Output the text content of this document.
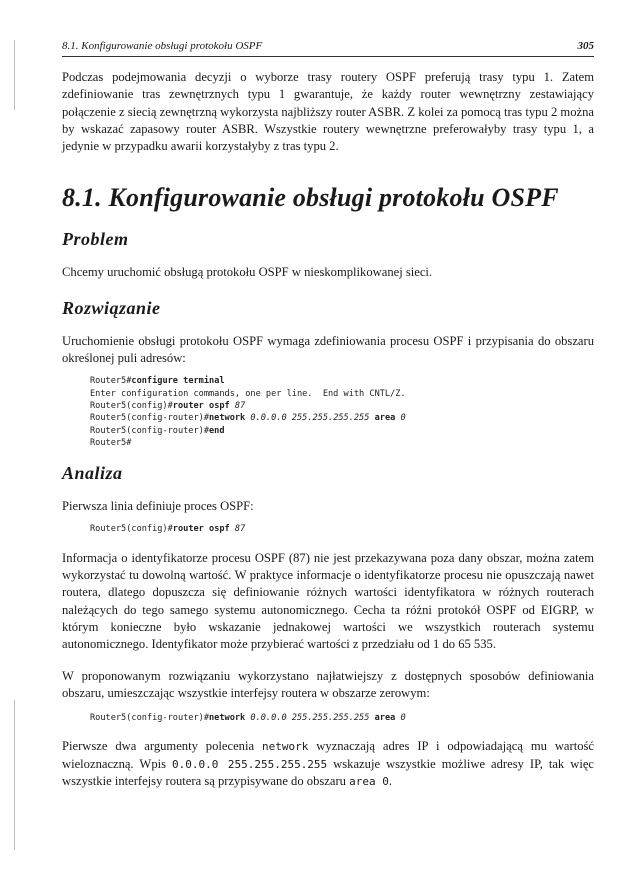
8.1. Konfigurowanie obsługi protokołu OSPF	305

Podczas podejmowania decyzji o wyborze trasy routery OSPF preferują trasy typu 1. Zatem zdefiniowanie tras zewnętrznych typu 1 gwarantuje, że każdy router wewnętrzny zestawiający połączenie z siecią zewnętrzną wykorzysta najbliższy router ASBR. Z kolei za pomocą tras typu 2 można by wskazać zapasowy router ASBR. Wszystkie routery wewnętrzne preferowałyby trasy typu 1, a jedynie w przypadku awarii korzystałyby z tras typu 2.

8.1. Konfigurowanie obsługi protokołu OSPF
Problem

Chcemy uruchomić obsługą protokołu OSPF w nieskomplikowanej sieci.

Rozwiązanie

Uruchomienie obsługi protokołu OSPF wymaga zdefiniowania procesu OSPF i przypisania do obszaru określonej puli adresów:

Router5#configure terminal
Enter configuration commands, one per line.  End with CNTL/Z.
Router5(config)#router ospf 87
Router5(config-router)#network 0.0.0.0 255.255.255.255 area 0
Router5(config-router)#end
Router5#
Analiza

Pierwsza linia definiuje proces OSPF:

Router5(config)#router ospf 87

Informacja o identyfikatorze procesu OSPF (87) nie jest przekazywana poza dany obszar, można zatem wykorzystać tu dowolną wartość. W praktyce informacje o identyfikatorze procesu nie opuszczają nawet routera, dlatego dopuszcza się definiowanie różnych wartości identyfikatora w różnych routerach należących do tego samego systemu autonomicznego. Cecha ta różni protokół OSPF od EIGRP, w którym konieczne było wskazanie jednakowej wartości we wszystkich routerach systemu autonomicznego. Identyfikator może przybierać wartości z przedziału od 1 do 65 535.

W proponowanym rozwiązaniu wykorzystano najłatwiejszy z dostępnych sposobów definiowania obszaru, umieszczając wszystkie interfejsy routera w obszarze zerowym:

Router5(config-router)#network 0.0.0.0 255.255.255.255 area 0

Pierwsze dwa argumenty polecenia network wyznaczają adres IP i odpowiadającą mu wartość wieloznaczną. Wpis 0.0.0.0 255.255.255.255 wskazuje wszystkie możliwe adresy IP, tak więc wszystkie interfejsy routera są przypisywane do obszaru area 0.
